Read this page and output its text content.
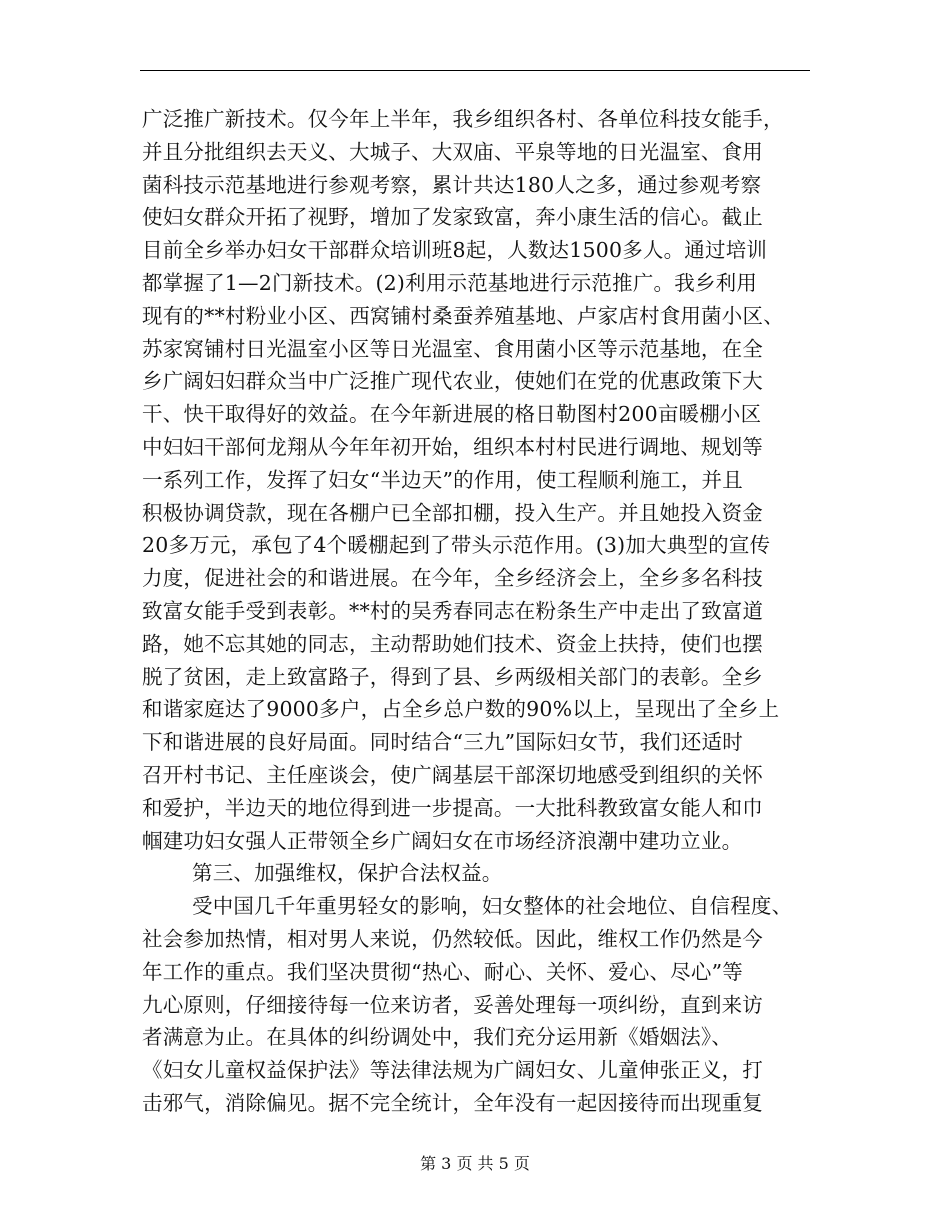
广泛推广新技术。仅今年上半年，我乡组织各村、各单位科技女能手，
并且分批组织去天义、大城子、大双庙、平泉等地的日光温室、食用
菌科技示范基地进行参观考察，累计共达180人之多，通过参观考察
使妇女群众开拓了视野，增加了发家致富，奔小康生活的信心。截止
目前全乡举办妇女干部群众培训班8起，人数达1500多人。通过培训
都掌握了1—2门新技术。(2)利用示范基地进行示范推广。我乡利用
现有的**村粉业小区、西窝铺村桑蚕养殖基地、卢家店村食用菌小区、
苏家窝铺村日光温室小区等日光温室、食用菌小区等示范基地，在全
乡广阔妇妇群众当中广泛推广现代农业，使她们在党的优惠政策下大
干、快干取得好的效益。在今年新进展的格日勒图村200亩暖棚小区
中妇妇干部何龙翔从今年年初开始，组织本村村民进行调地、规划等
一系列工作，发挥了妇女“半边天”的作用，使工程顺利施工，并且
积极协调贷款，现在各棚户已全部扣棚，投入生产。并且她投入资金
20多万元，承包了4个暖棚起到了带头示范作用。(3)加大典型的宣传
力度，促进社会的和谐进展。在今年，全乡经济会上，全乡多名科技
致富女能手受到表彰。**村的吴秀春同志在粉条生产中走出了致富道
路，她不忘其她的同志，主动帮助她们技术、资金上扶持，使们也摆
脱了贫困，走上致富路子，得到了县、乡两级相关部门的表彰。全乡
和谐家庭达了9000多户，占全乡总户数的90%以上，呈现出了全乡上
下和谐进展的良好局面。同时结合“三九”国际妇女节，我们还适时
召开村书记、主任座谈会，使广阔基层干部深切地感受到组织的关怀
和爱护，半边天的地位得到进一步提高。一大批科教致富女能人和巾
帼建功妇女强人正带领全乡广阔妇女在市场经济浪潮中建功立业。
第三、加强维权，保护合法权益。
受中国几千年重男轻女的影响，妇女整体的社会地位、自信程度、
社会参加热情，相对男人来说，仍然较低。因此，维权工作仍然是今
年工作的重点。我们坚决贯彻“热心、耐心、关怀、爱心、尽心”等
九心原则，仔细接待每一位来访者，妥善处理每一项纠纷，直到来访
者满意为止。在具体的纠纷调处中，我们充分运用新《婚姻法》、
《妇女儿童权益保护法》等法律法规为广阔妇女、儿童伸张正义，打
击邪气，消除偏见。据不完全统计，全年没有一起因接待而出现重复
第 3 页 共 5 页
